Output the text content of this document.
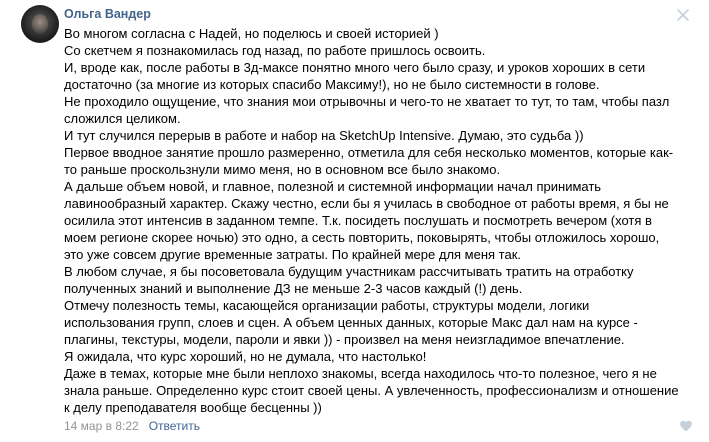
Ольга Вандер

Во многом согласна с Надей, но поделюсь и своей историей )

Со скетчем я познакомилась год назад, по работе пришлось освоить.

И, вроде как, после работы в 3д-максе понятно много чего было сразу, и уроков хороших в сети

достаточно (за многие из которых спасибо Максиму!), но не было системности в голове.

Не проходило ощущение, что знания мои отрывочны и чего-то не хватает то тут, то там, чтобы пазл

сложился целиком.

И тут случился перерыв в работе и набор на SketchUp Intensive. Думаю, это судьба ))

Первое вводное занятие прошло размеренно, отметила для себя несколько моментов, которые как-

то раньше проскользнули мимо меня, но в основном все было знакомо.

А дальше объем новой, и главное, полезной и системной информации начал принимать

лавинообразный характер. Скажу честно, если бы я училась в свободное от работы время, я бы не

осилила этот интенсив в заданном темпе. Т.к. посидеть послушать и посмотреть вечером (хотя в

моем регионе скорее ночью) это одно, а сесть повторить, поковырять, чтобы отложилось хорошо,

это уже совсем другие временные затраты. По крайней мере для меня так.

В любом случае, я бы посоветовала будущим участникам рассчитывать тратить на отработку

полученных знаний и выполнение ДЗ не меньше 2-3 часов каждый (!) день.

Отмечу полезность темы, касающейся организации работы, структуры модели, логики

использования групп, слоев и сцен. А объем ценных данных, которые Макс дал нам на курсе -

плагины, текстуры, модели, пароли и явки )) - произвел на меня неизгладимое впечатление.

Я ожидала, что курс хороший, но не думала, что настолько!

Даже в темах, которые мне были неплохо знакомы, всегда находилось что-то полезное, чего я не

знала раньше. Определенно курс стоит своей цены. А увлеченность, профессионализм и отношение

к делу преподавателя вообще бесценны ))

14 мар в 8:22 Ответить
